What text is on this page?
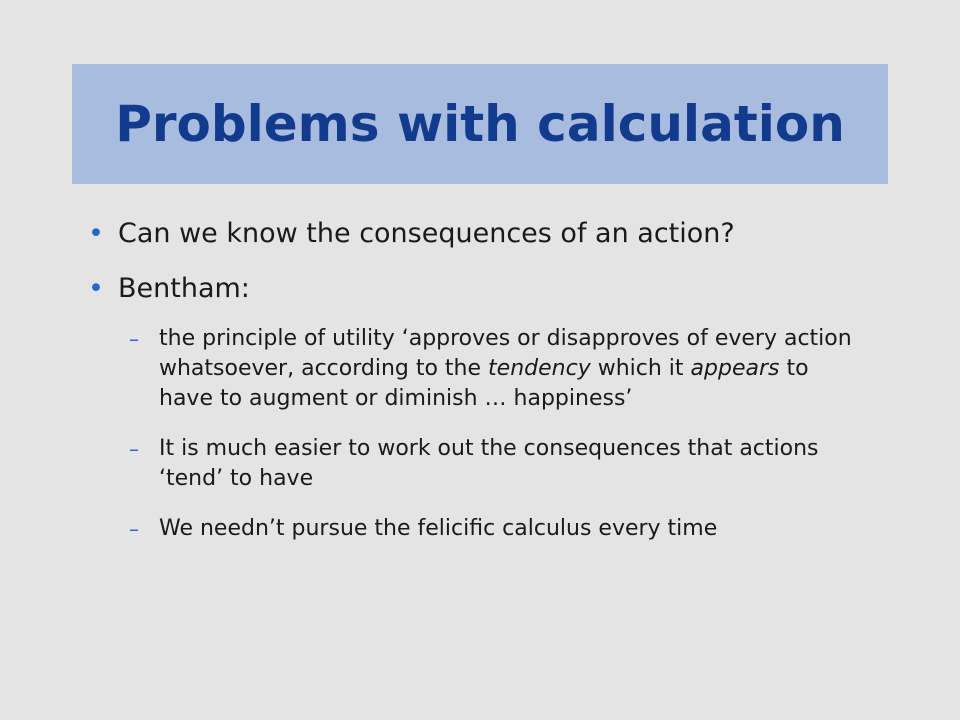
Problems with calculation
• Can we know the consequences of an action?
• Bentham:
– the principle of utility ‘approves or disapproves of every action whatsoever, according to the tendency which it appears to have to augment or diminish … happiness’
– It is much easier to work out the consequences that actions ‘tend’ to have
– We needn’t pursue the felicific calculus every time
